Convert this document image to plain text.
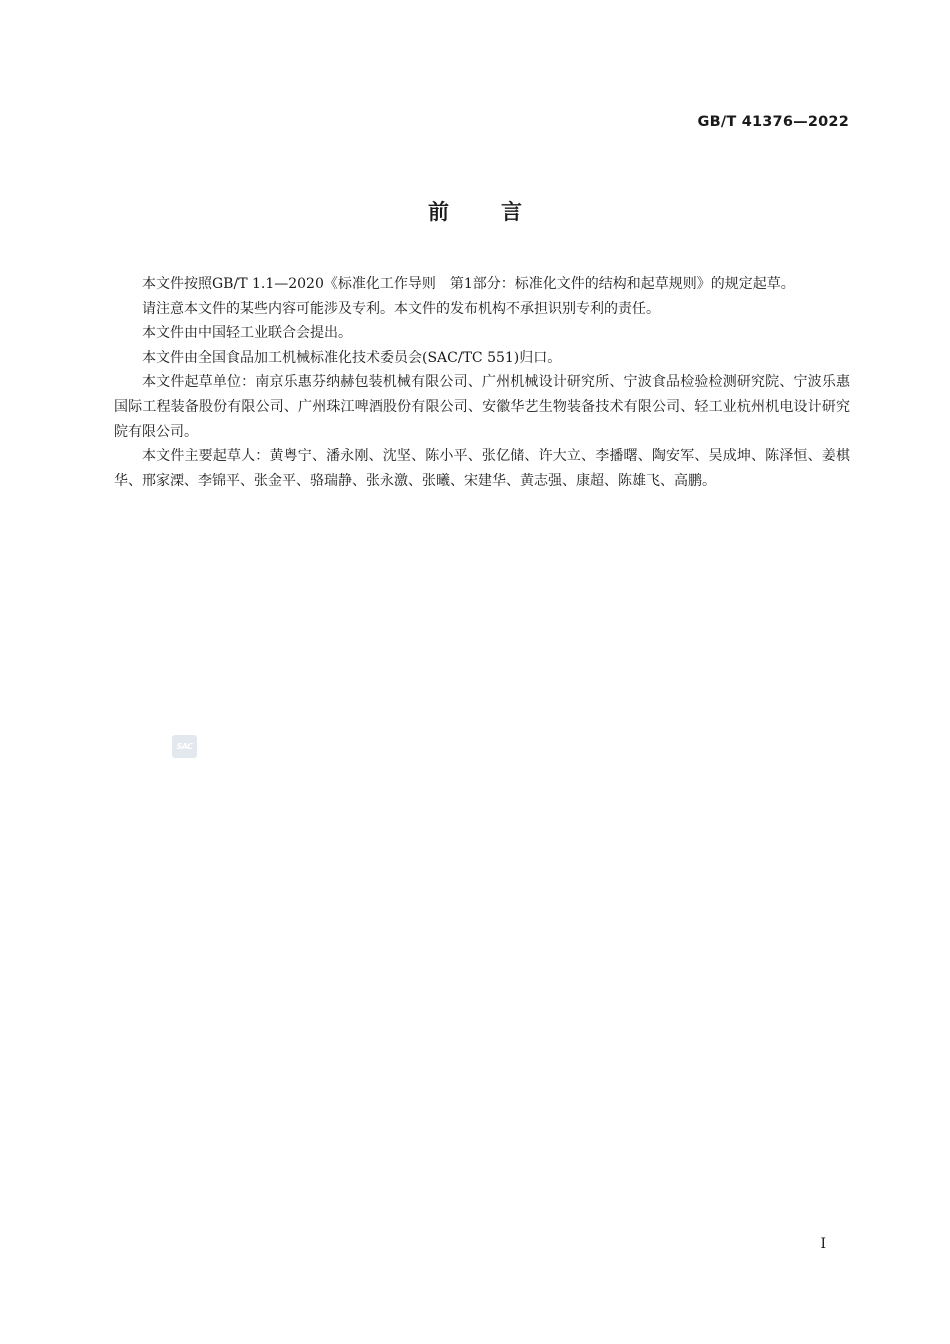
GB/T 41376—2022
前 言

本文件按照GB/T 1.1—2020《标准化工作导则　第1部分：标准化文件的结构和起草规则》的规定起草。

请注意本文件的某些内容可能涉及专利。本文件的发布机构不承担识别专利的责任。

本文件由中国轻工业联合会提出。

本文件由全国食品加工机械标准化技术委员会(SAC/TC 551)归口。

本文件起草单位：南京乐惠芬纳赫包装机械有限公司、广州机械设计研究所、宁波食品检验检测研究院、宁波乐惠国际工程装备股份有限公司、广州珠江啤酒股份有限公司、安徽华艺生物装备技术有限公司、轻工业杭州机电设计研究院有限公司。

本文件主要起草人：黄粤宁、潘永刚、沈坚、陈小平、张亿储、许大立、李播曙、陶安军、吴成坤、陈泽恒、姜棋华、邢家溧、李锦平、张金平、骆瑞静、张永激、张曦、宋建华、黄志强、康超、陈雄飞、高鹏。

SAC
I
